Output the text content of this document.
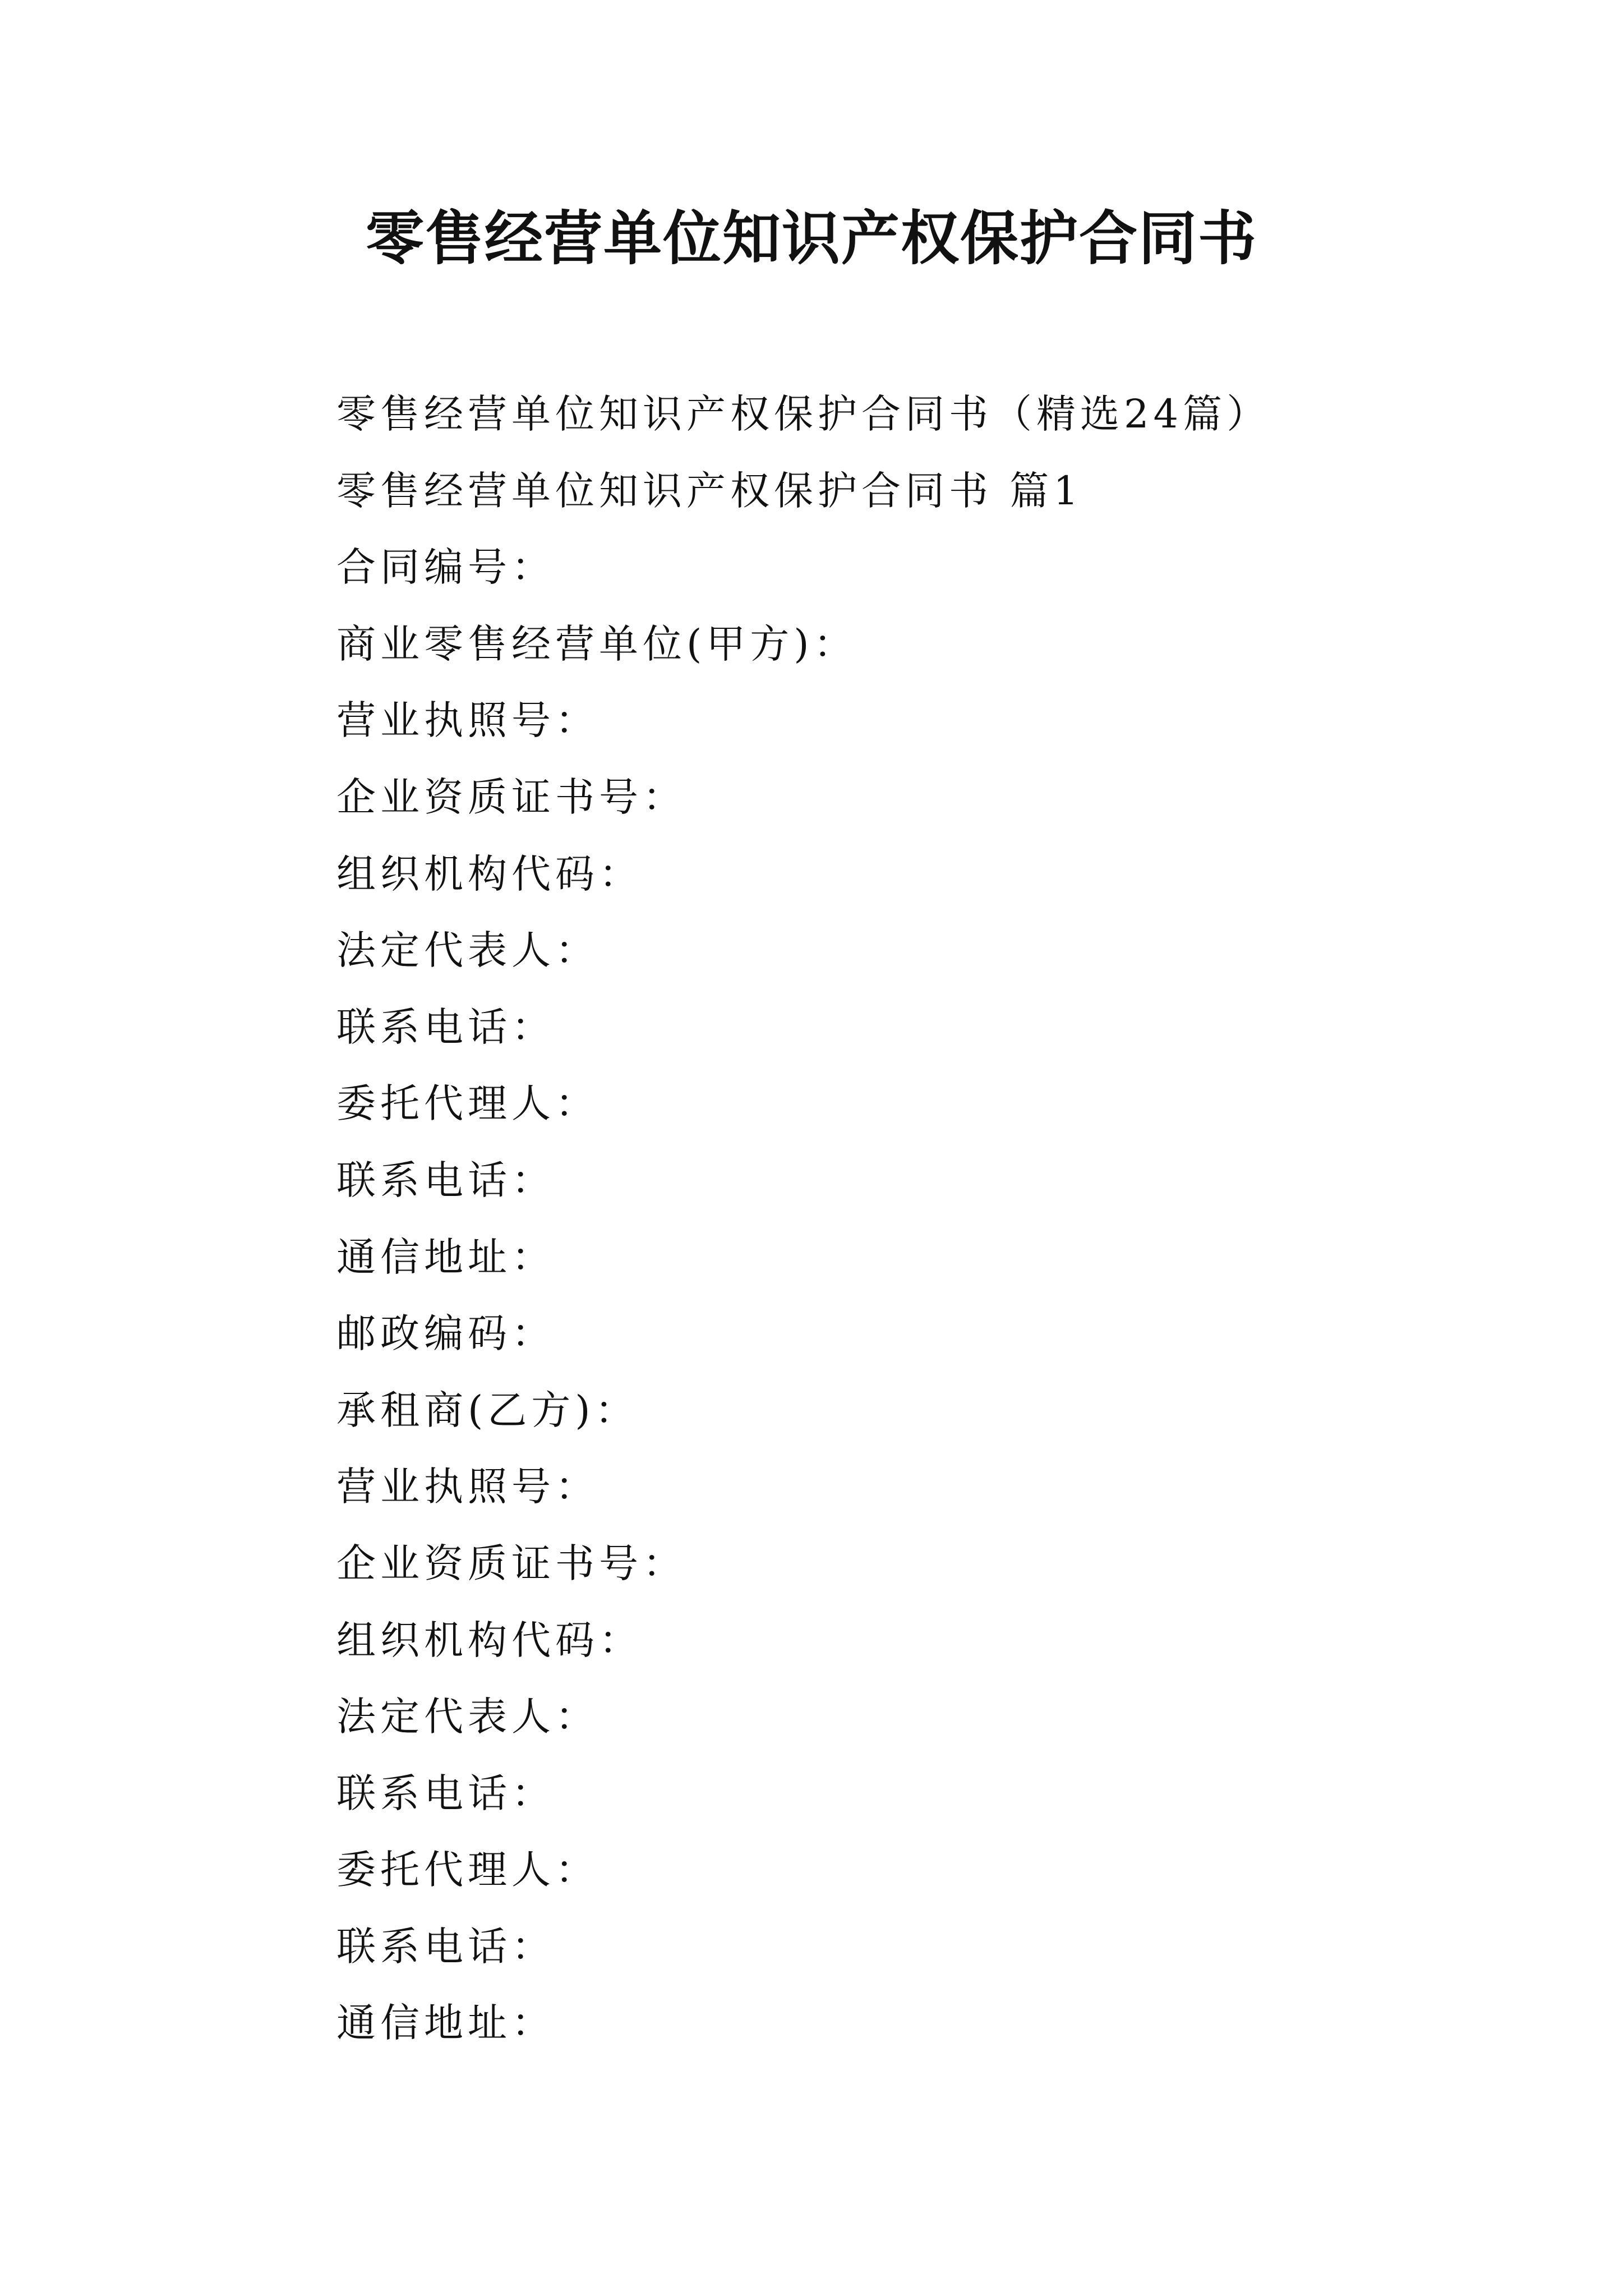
零售经营单位知识产权保护合同书
零售经营单位知识产权保护合同书（精选24篇）
零售经营单位知识产权保护合同书 篇1
合同编号：
商业零售经营单位(甲方)：
营业执照号：
企业资质证书号：
组织机构代码：
法定代表人：
联系电话：
委托代理人：
联系电话：
通信地址：
邮政编码：
承租商(乙方)：
营业执照号：
企业资质证书号：
组织机构代码：
法定代表人：
联系电话：
委托代理人：
联系电话：
通信地址：
